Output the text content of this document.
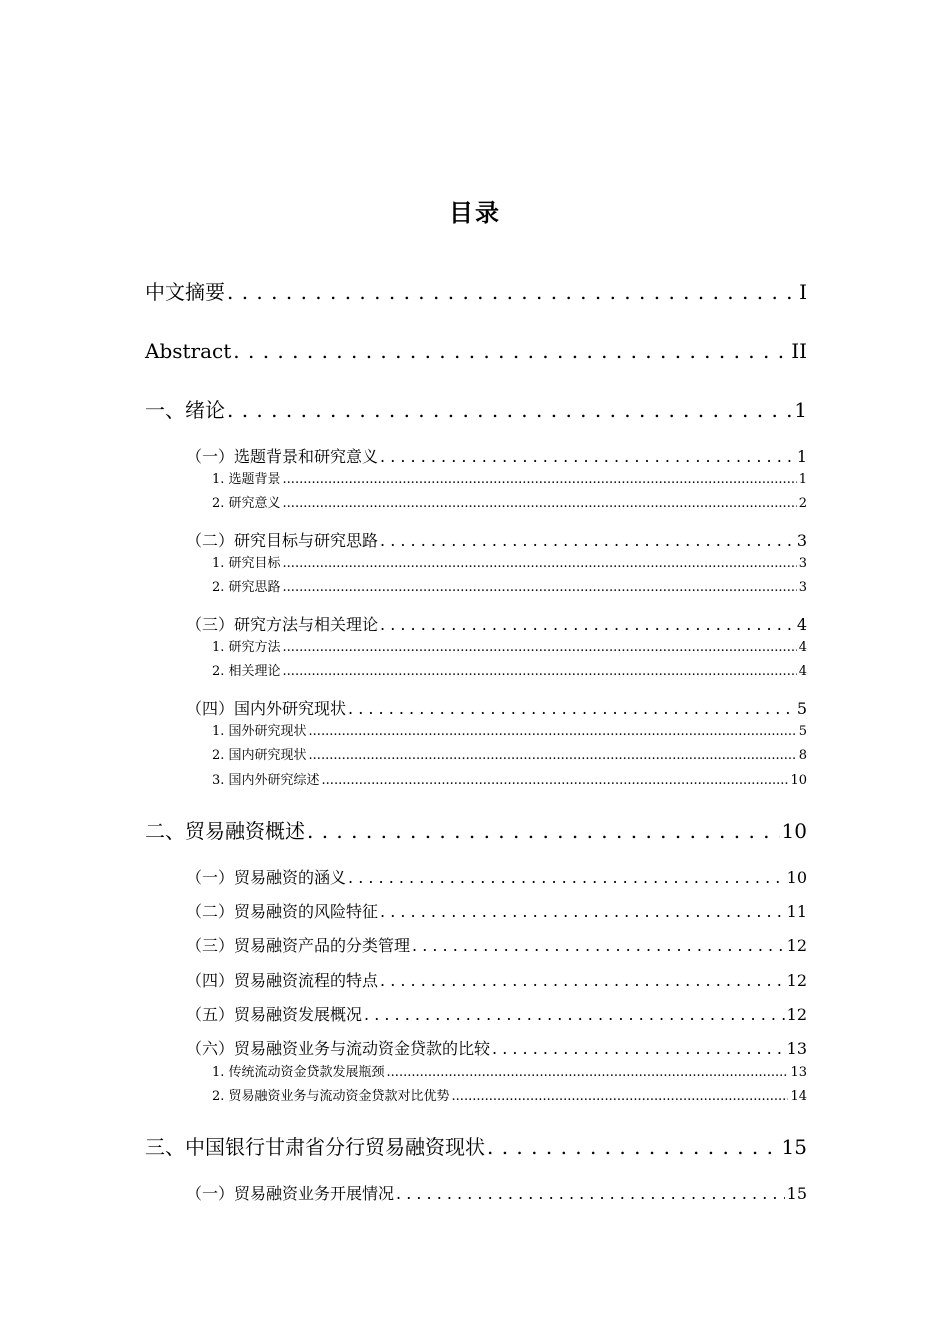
目录
中文摘要 . . .	I
Abstract . . .	II
一、绪论 . . .	1
（一）选题背景和研究意义 . . .	1
1. 选题背景 .....	1
2. 研究意义 .....	2
（二）研究目标与研究思路 . . .	3
1. 研究目标 .....	3
2. 研究思路 .....	3
（三）研究方法与相关理论 . . .	4
1. 研究方法 .....	4
2. 相关理论 .....	4
（四）国内外研究现状 . . .	5
1. 国外研究现状 .....	5
2. 国内研究现状 .....	8
3. 国内外研究综述 .....	10
二、贸易融资概述 . . .	10
（一）贸易融资的涵义 . . .	10
（二）贸易融资的风险特征 . . .	11
（三）贸易融资产品的分类管理 . . .	12
（四）贸易融资流程的特点 . . .	12
（五）贸易融资发展概况 . . .	12
（六）贸易融资业务与流动资金贷款的比较 . . .	13
1. 传统流动资金贷款发展瓶颈 .....	13
2. 贸易融资业务与流动资金贷款对比优势 .....	14
三、中国银行甘肃省分行贸易融资现状 . . .	15
（一）贸易融资业务开展情况 . . .	15
